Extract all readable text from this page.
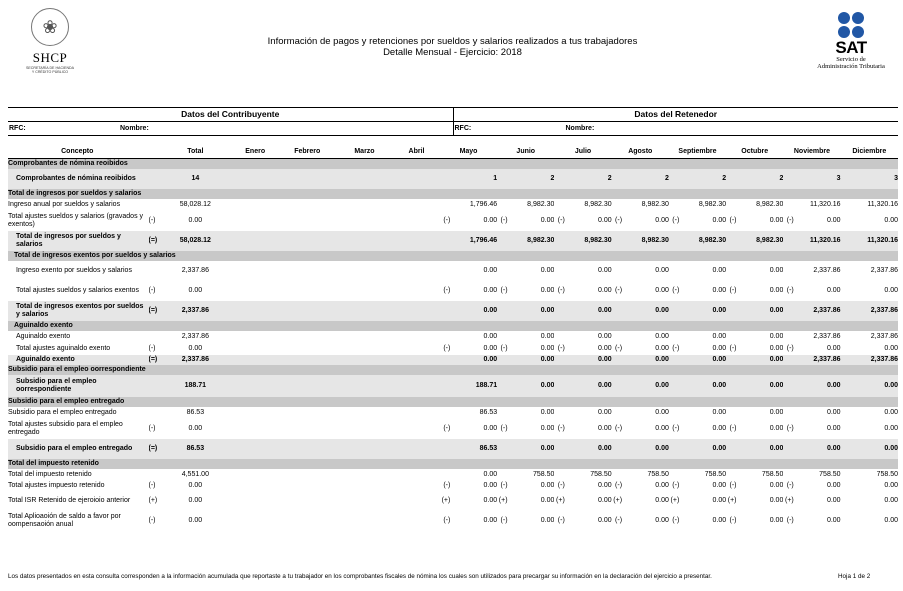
❀
SHCP
SECRETARÍA DE HACIENDA
Y CRÉDITO PÚBLICO
Información de pagos y retenciones por sueldos y salarios realizados a tus trabajadores
Detalle Mensual - Ejercicio: 2018	SAT
Servicio de
Administración Tributaria
Datos del Contribuyente	Datos del Retenedor
RFC:	Nombre:	RFC:	Nombre:
Concepto		Total	Enero	Febrero	Marzo	Abril	Mayo		Junio		Julio		Agosto		Septiembre		Octubre		Noviembre		Diciembre	
Comprobantes de nómina reoibidos																						

Comprobantes de nómina reoibidos		14						1		2		2		2		2		2		3		3
Total de ingresos por sueldos y salarios																						
Ingreso anual por sueldos y salarios		58,028.12						1,796.46		8,982.30		8,982.30		8,982.30		8,982.30		8,982.30		11,320.16		11,320.16
Total ajustes sueldos y salarios (gravados y exentos)	(-)	0.00					(-)	0.00	(-)	0.00	(-)	0.00	(-)	0.00	(-)	0.00	(-)	0.00	(-)	0.00		0.00

Total de ingresos por sueldos y salarios	(=)	58,028.12						1,796.46		8,982.30		8,982.30		8,982.30		8,982.30		8,982.30		11,320.16		11,320.16

Total de ingresos exentos por sueldos y salarios																						

Ingreso exento por sueldos y salarios		2,337.86						0.00		0.00		0.00		0.00		0.00		0.00		2,337.86		2,337.86

Total ajustes sueldos y salarios exentos	(-)	0.00					(-)	0.00	(-)	0.00	(-)	0.00	(-)	0.00	(-)	0.00	(-)	0.00	(-)	0.00		0.00

Total de ingresos exentos por sueldos y salarios	(=)	2,337.86						0.00		0.00		0.00		0.00		0.00		0.00		2,337.86		2,337.86

Aguinaldo exento																						

Aguinaldo exento		2,337.86						0.00		0.00		0.00		0.00		0.00		0.00		2,337.86		2,337.86

Total ajustes aguinaldo exento	(-)	0.00					(-)	0.00	(-)	0.00	(-)	0.00	(-)	0.00	(-)	0.00	(-)	0.00	(-)	0.00		0.00

Aguinaldo exento	(=)	2,337.86						0.00		0.00		0.00		0.00		0.00		0.00		2,337.86		2,337.86
Subsidio para el empleo oorrespondiente																						

Subsidio para el empleo oorrespondiente		188.71						188.71		0.00		0.00		0.00		0.00		0.00		0.00		0.00
Subsidio para el empleo entregado																						
Subsidio para el empleo entregado		86.53						86.53		0.00		0.00		0.00		0.00		0.00		0.00		0.00
Total ajustes subsidio para el empleo entregado	(-)	0.00					(-)	0.00	(-)	0.00	(-)	0.00	(-)	0.00	(-)	0.00	(-)	0.00	(-)	0.00		0.00

Subsidio para el empleo entregado	(=)	86.53						86.53		0.00		0.00		0.00		0.00		0.00		0.00		0.00
Total del impuesto retenido																						
Total del impuesto retenido		4,551.00						0.00		758.50		758.50		758.50		758.50		758.50		758.50		758.50
Total ajustes impuesto retenido	(-)	0.00					(-)	0.00	(-)	0.00	(-)	0.00	(-)	0.00	(-)	0.00	(-)	0.00	(-)	0.00		0.00
Total ISR Retenido de ejeroioio anterior	(+)	0.00					(+)	0.00	(+)	0.00	(+)	0.00	(+)	0.00	(+)	0.00	(+)	0.00	(+)	0.00		0.00
Total Aplioaoión de saldo a favor por oompensaoión anual	(-)	0.00					(-)	0.00	(-)	0.00	(-)	0.00	(-)	0.00	(-)	0.00	(-)	0.00	(-)	0.00		0.00
Los datos presentados en esta consulta corresponden a la información acumulada que reportaste a tu trabajador en los comprobantes fiscales de nómina los cuales son utilizados para precargar su información en la declaración del ejercicio a presentar.	Hoja 1 de 2
